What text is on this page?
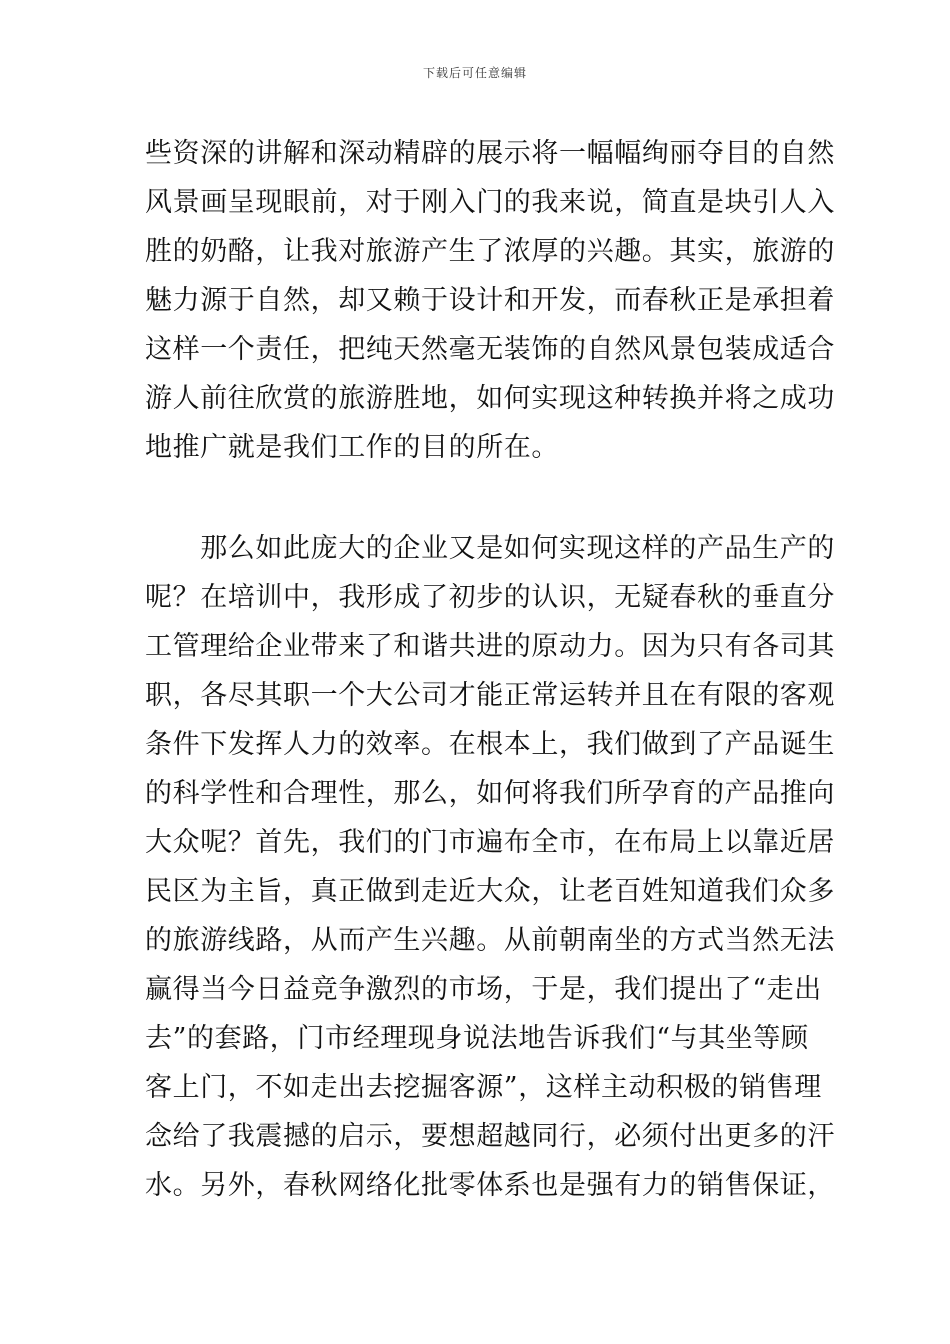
下载后可任意编辑
些资深的讲解和深动精辟的展示将一幅幅绚丽夺目的自然
风景画呈现眼前，对于刚入门的我来说，简直是块引人入
胜的奶酪，让我对旅游产生了浓厚的兴趣。其实，旅游的
魅力源于自然，却又赖于设计和开发，而春秋正是承担着
这样一个责任，把纯天然毫无装饰的自然风景包装成适合
游人前往欣赏的旅游胜地，如何实现这种转换并将之成功
地推广就是我们工作的目的所在。
　　那么如此庞大的企业又是如何实现这样的产品生产的
呢？在培训中，我形成了初步的认识，无疑春秋的垂直分
工管理给企业带来了和谐共进的原动力。因为只有各司其
职，各尽其职一个大公司才能正常运转并且在有限的客观
条件下发挥人力的效率。在根本上，我们做到了产品诞生
的科学性和合理性，那么，如何将我们所孕育的产品推向
大众呢？首先，我们的门市遍布全市，在布局上以靠近居
民区为主旨，真正做到走近大众，让老百姓知道我们众多
的旅游线路，从而产生兴趣。从前朝南坐的方式当然无法
赢得当今日益竞争激烈的市场，于是，我们提出了“走出
去”的套路，门市经理现身说法地告诉我们“与其坐等顾
客上门，不如走出去挖掘客源”，这样主动积极的销售理
念给了我震撼的启示，要想超越同行，必须付出更多的汗
水。另外，春秋网络化批零体系也是强有力的销售保证，
